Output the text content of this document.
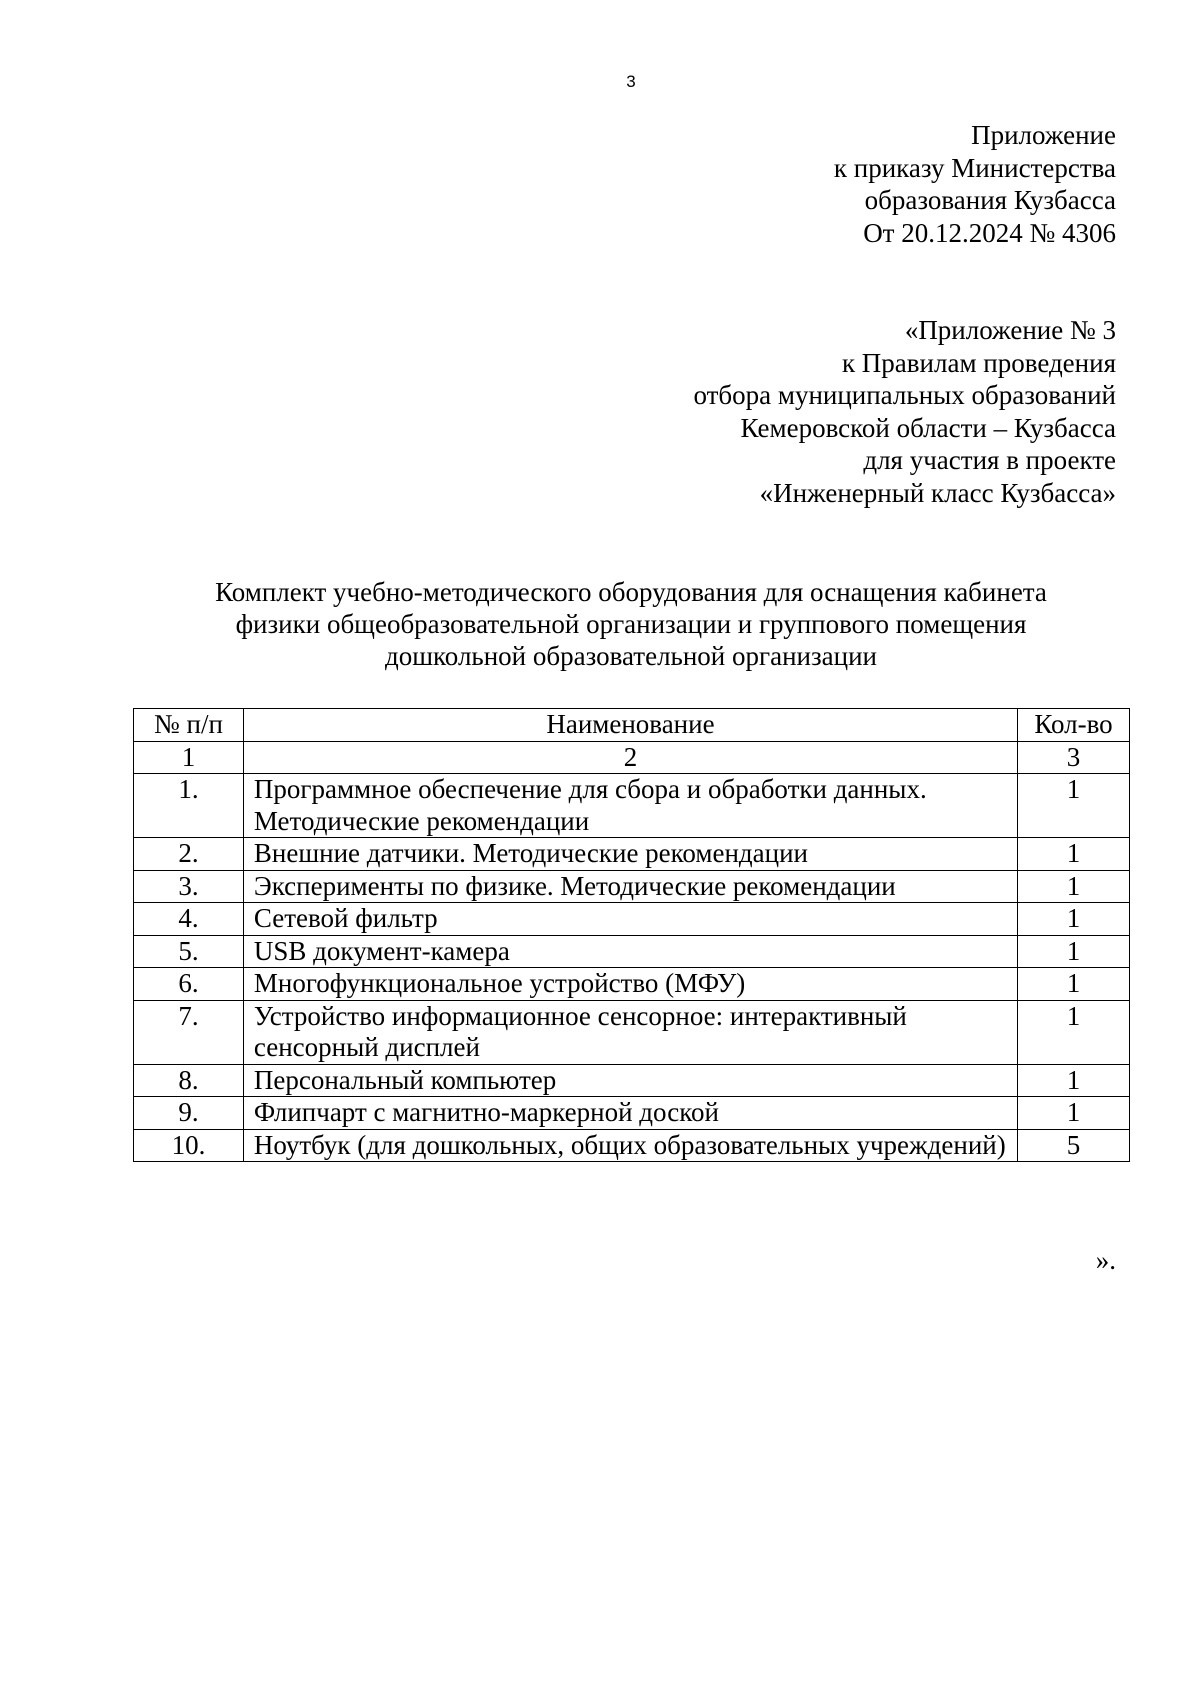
3
Приложение
к приказу Министерства
образования Кузбасса
От 20.12.2024 № 4306
«Приложение № 3
к Правилам проведения
отбора муниципальных образований
Кемеровской области – Кузбасса
для участия в проекте
«Инженерный класс Кузбасса»
Комплект учебно-методического оборудования для оснащения кабинета
физики общеобразовательной организации и группового помещения
дошкольной образовательной организации
№ п/п	Наименование	Кол-во
1	2	3
1.	Программное обеспечение для сбора и обработки данных. Методические рекомендации	1
2.	Внешние датчики. Методические рекомендации	1
3.	Эксперименты по физике. Методические рекомендации	1
4.	Сетевой фильтр	1
5.	USB документ-камера	1
6.	Многофункциональное устройство (МФУ)	1
7.	Устройство информационное сенсорное: интерактивный сенсорный дисплей	1
8.	Персональный компьютер	1
9.	Флипчарт с магнитно-маркерной доской	1
10.	Ноутбук (для дошкольных, общих образовательных учреждений)	5
».
